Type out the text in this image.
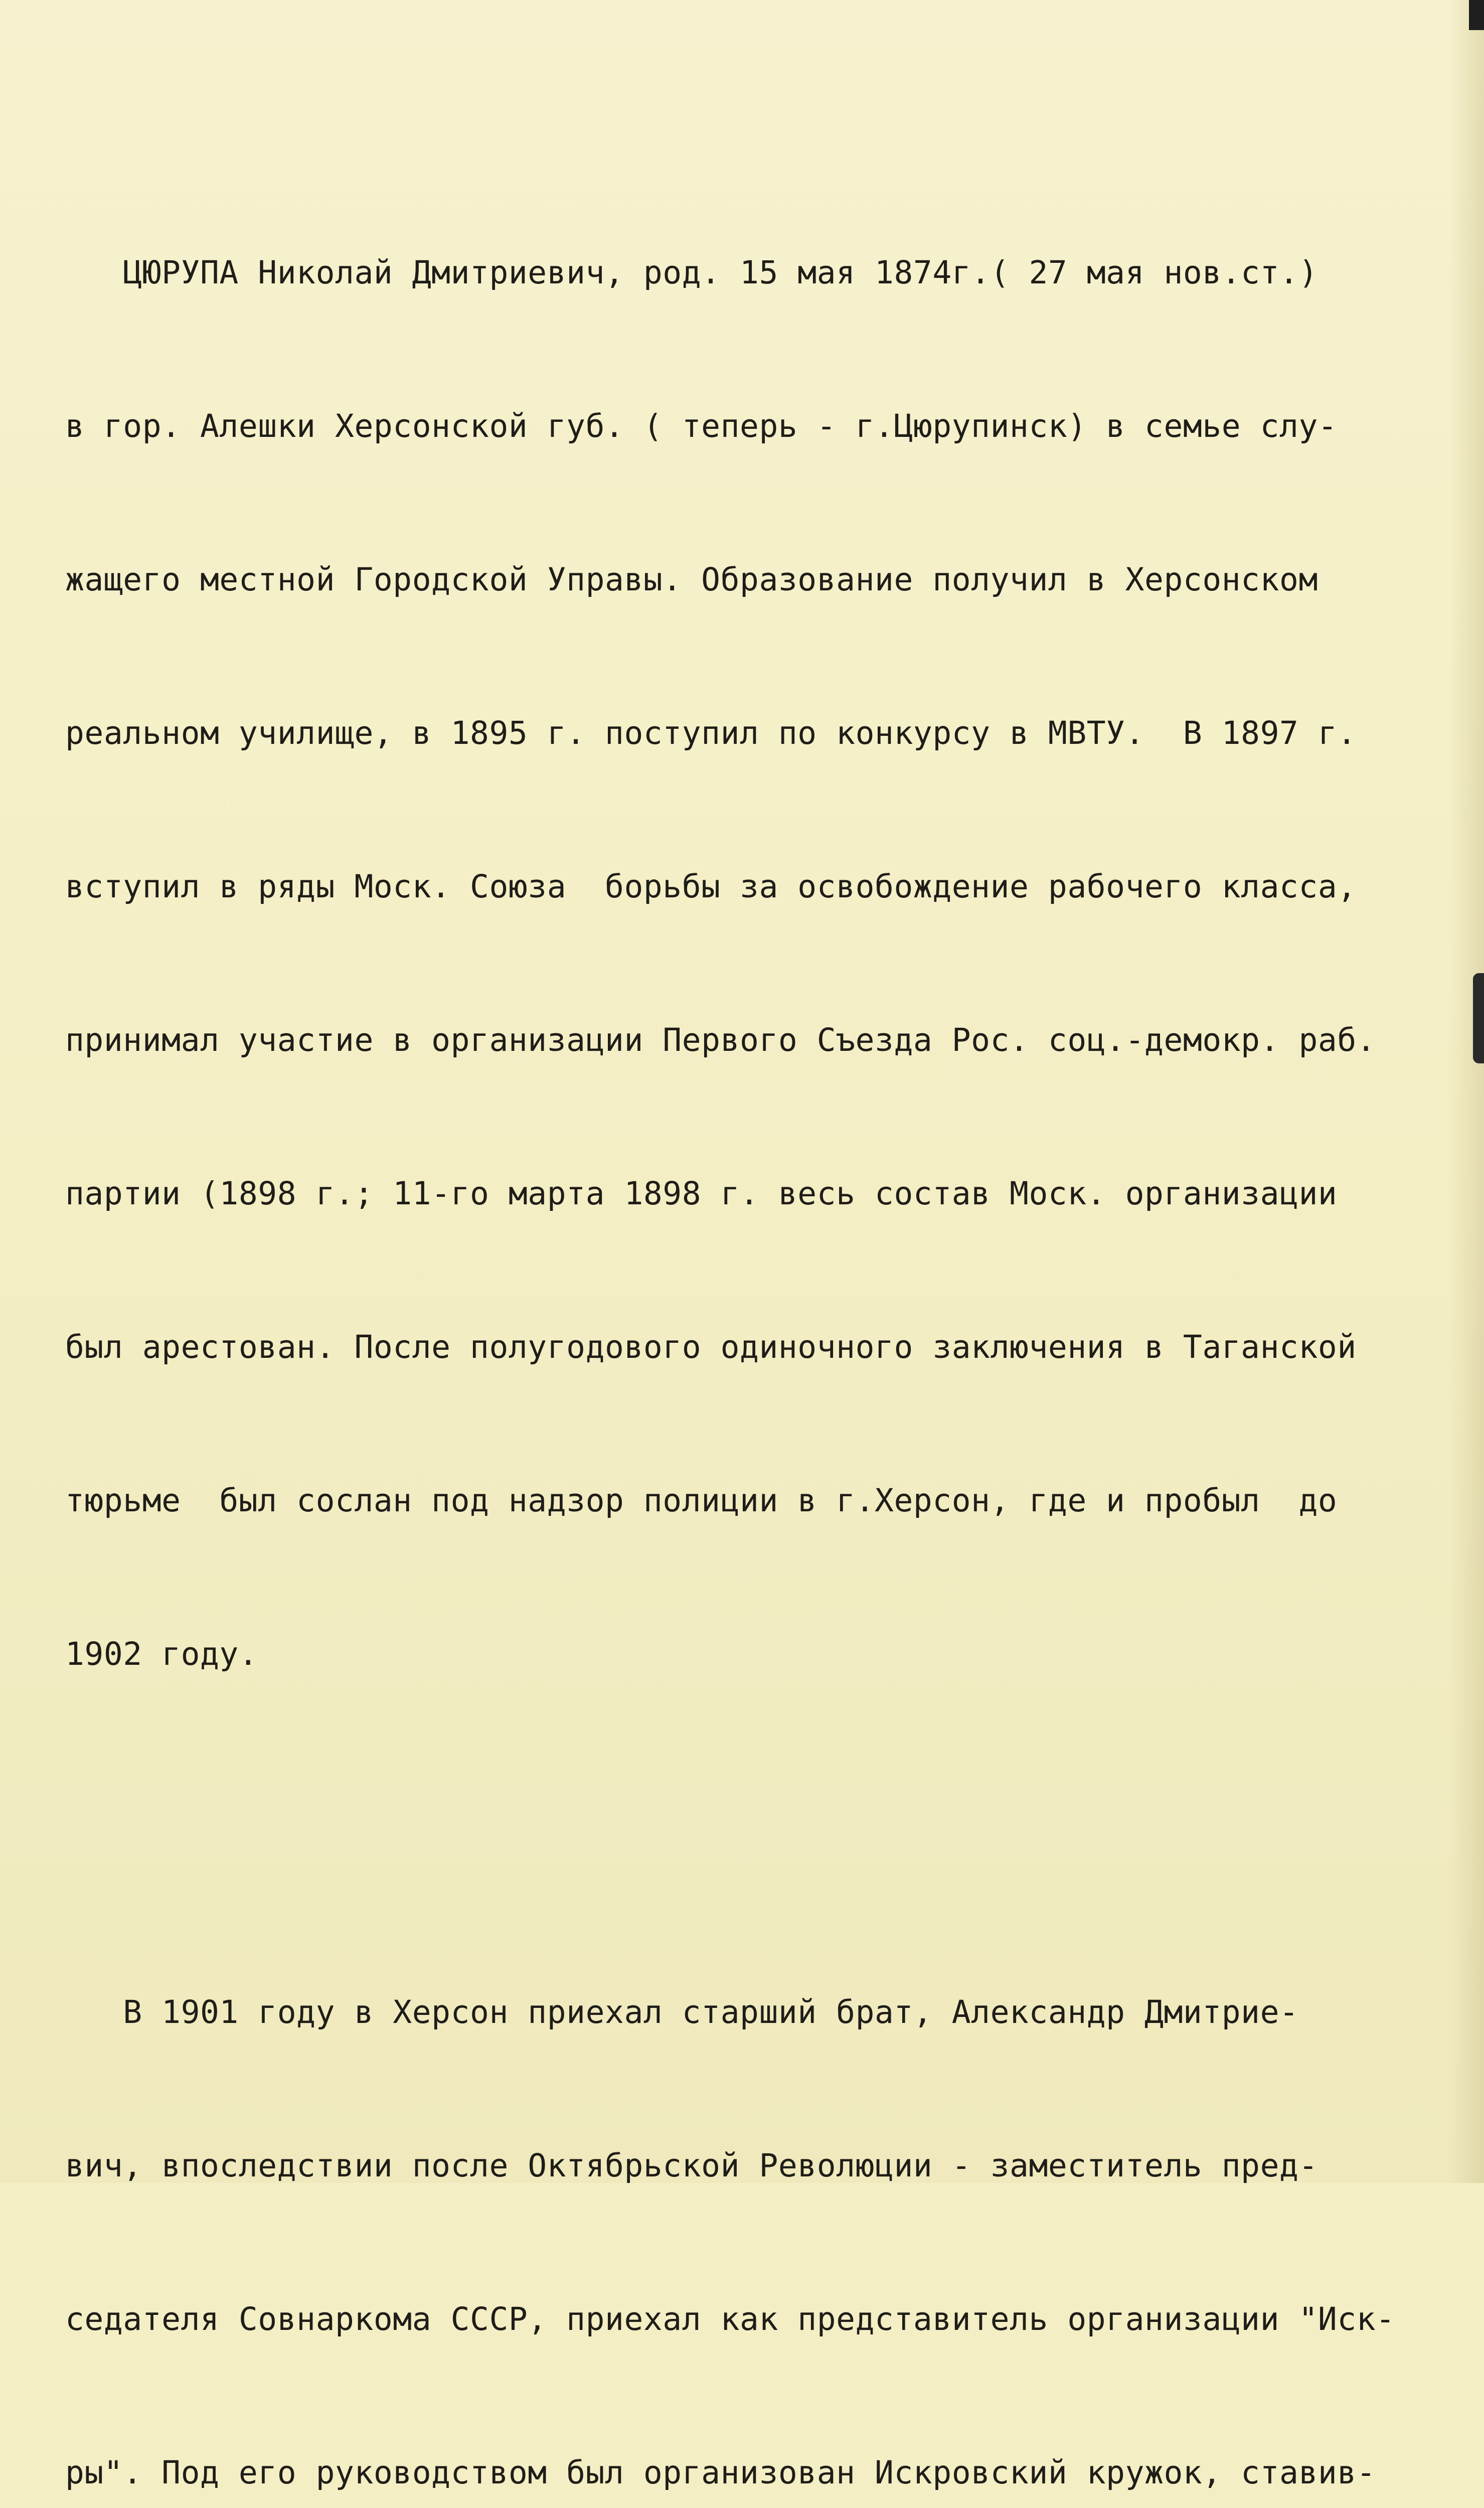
ЦЮРУПА Николай Дмитриевич, род. 15 мая 1874г.( 27 мая нов.ст.)

в гор. Алешки Херсонской губ. ( теперь - г.Цюрупинск) в семье слу-

жащего местной Городской Управы. Образование получил в Херсонском

реальном училище, в 1895 г. поступил по конкурсу в МВТУ.  В 1897 г.

вступил в ряды Моск. Союза  борьбы за освобождение рабочего класса,

принимал участие в организации Первого Съезда Рос. соц.-демокр. раб.

партии (1898 г.; 11-го марта 1898 г. весь состав Моск. организации

был арестован. После полугодового одиночного заключения в Таганской

тюрьме  был сослан под надзор полиции в г.Херсон, где и пробыл  до

1902 году.

В 1901 году в Херсон приехал старший брат, Александр Дмитрие-

вич, впоследствии после Октябрьской Революции - заместитель пред-

седателя Совнаркома СССР, приехал как представитель организации "Иск-

ры". Под его руководством был организован Искровский кружок, ставив-
